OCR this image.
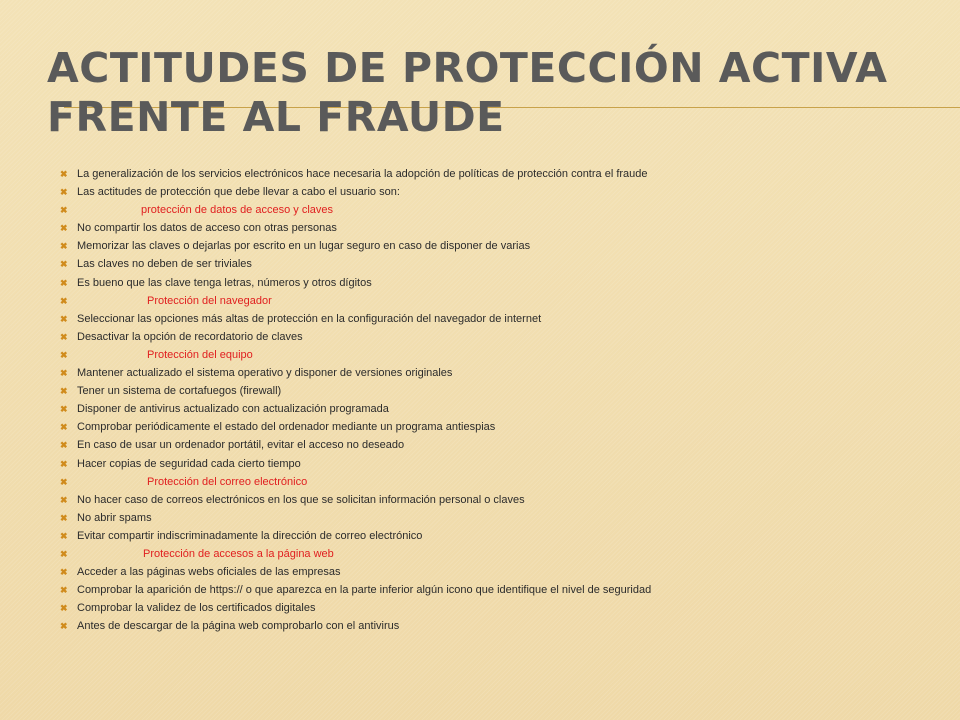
ACTITUDES DE PROTECCIÓN ACTIVA FRENTE AL FRAUDE
✖ La generalización de los servicios electrónicos hace necesaria la adopción de políticas de protección contra el fraude
✖ Las actitudes de protección que debe llevar a cabo el usuario son:
✖	protección de datos de acceso y claves
✖ No compartir los datos de acceso con otras personas
✖ Memorizar las claves o dejarlas por escrito en un lugar seguro en caso de disponer de varias
✖ Las claves no deben de ser triviales
✖ Es bueno que las clave tenga letras, números y otros dígitos
✖	Protección del navegador
✖ Seleccionar las opciones más altas de protección en la configuración del navegador de internet
✖ Desactivar la opción de recordatorio de claves
✖	Protección del equipo
✖ Mantener actualizado el sistema operativo y disponer de versiones originales
✖ Tener un sistema de cortafuegos (firewall)
✖ Disponer de antivirus actualizado con actualización programada
✖ Comprobar periódicamente el estado del ordenador mediante un programa antiespias
✖ En caso de usar un ordenador portátil, evitar el acceso no deseado
✖ Hacer copias de seguridad cada cierto tiempo
✖	Protección del correo electrónico
✖ No hacer caso de correos electrónicos en los que se solicitan información personal o claves
✖ No abrir spams
✖ Evitar compartir indiscriminadamente la dirección de correo electrónico
✖	Protección de accesos a la página web
✖ Acceder a las páginas webs oficiales de las empresas
✖ Comprobar la aparición de https:// o que aparezca en la parte inferior algún icono que identifique el nivel de seguridad
✖ Comprobar la validez de los certificados digitales
✖ Antes de descargar de la página web comprobarlo con el antivirus
